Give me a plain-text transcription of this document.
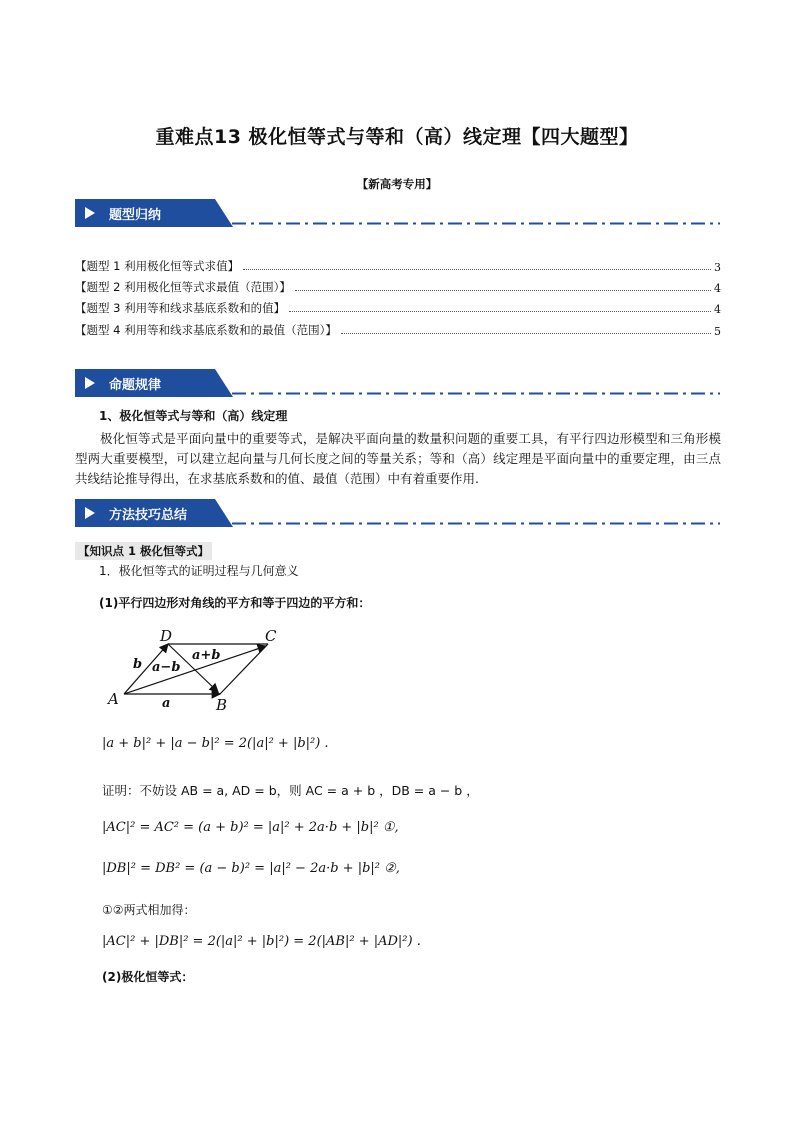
重难点13 极化恒等式与等和（高）线定理【四大题型】
【新高考专用】
题型归纳
【题型 1 利用极化恒等式求值】	3
【题型 2 利用极化恒等式求最值（范围）】	4
【题型 3 利用等和线求基底系数和的值】	4
【题型 4 利用等和线求基底系数和的最值（范围）】	5
命题规律
1、极化恒等式与等和（高）线定理
极化恒等式是平面向量中的重要等式，是解决平面向量的数量积问题的重要工具，有平行四边形模型和三角形模型两大重要模型，可以建立起向量与几何长度之间的等量关系；等和（高）线定理是平面向量中的重要定理，由三点共线结论推导得出，在求基底系数和的值、最值（范围）中有着重要作用.
方法技巧总结
【知识点 1 极化恒等式】
1．极化恒等式的证明过程与几何意义
(1)平行四边形对角线的平方和等于四边的平方和：
A	B
C
D
a
b
a+b
a−b
|a + b|² + |a − b|² = 2(|a|² + |b|²) .
证明：不妨设 AB = a, AD = b，则 AC = a + b ，DB = a − b ，
|AC|² = AC² = (a + b)² = |a|² + 2a·b + |b|² ①,
|DB|² = DB² = (a − b)² = |a|² − 2a·b + |b|² ②,
①②两式相加得：
|AC|² + |DB|² = 2(|a|² + |b|²) = 2(|AB|² + |AD|²) .
(2)极化恒等式：
